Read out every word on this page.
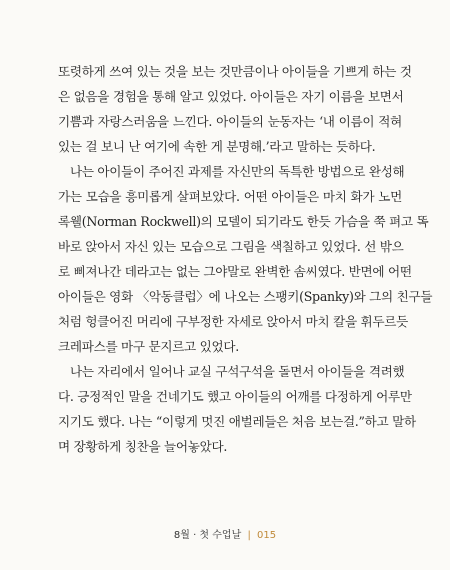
또렷하게 쓰여 있는 것을 보는 것만큼이나 아이들을 기쁘게 하는 것
은 없음을 경험을 통해 알고 있었다. 아이들은 자기 이름을 보면서
기쁨과 자랑스러움을 느낀다. 아이들의 눈동자는 ‘내 이름이 적혀
있는 걸 보니 난 여기에 속한 게 분명해.’라고 말하는 듯하다.
나는 아이들이 주어진 과제를 자신만의 독특한 방법으로 완성해
가는 모습을 흥미롭게 살펴보았다. 어떤 아이들은 마치 화가 노먼
록웰(Norman Rockwell)의 모델이 되기라도 한듯 가슴을 쭉 펴고 똑
바로 앉아서 자신 있는 모습으로 그림을 색칠하고 있었다. 선 밖으
로 삐져나간 데라고는 없는 그야말로 완벽한 솜씨였다. 반면에 어떤
아이들은 영화 〈악동클럽〉에 나오는 스팽키(Spanky)와 그의 친구들
처럼 헝클어진 머리에 구부정한 자세로 앉아서 마치 칼을 휘두르듯
크레파스를 마구 문지르고 있었다.
나는 자리에서 일어나 교실 구석구석을 돌면서 아이들을 격려했
다. 긍정적인 말을 건네기도 했고 아이들의 어깨를 다정하게 어루만
지기도 했다. 나는 “이렇게 멋진 애벌레들은 처음 보는걸.”하고 말하
며 장황하게 칭찬을 늘어놓았다.
8월 · 첫 수업날 | 015
